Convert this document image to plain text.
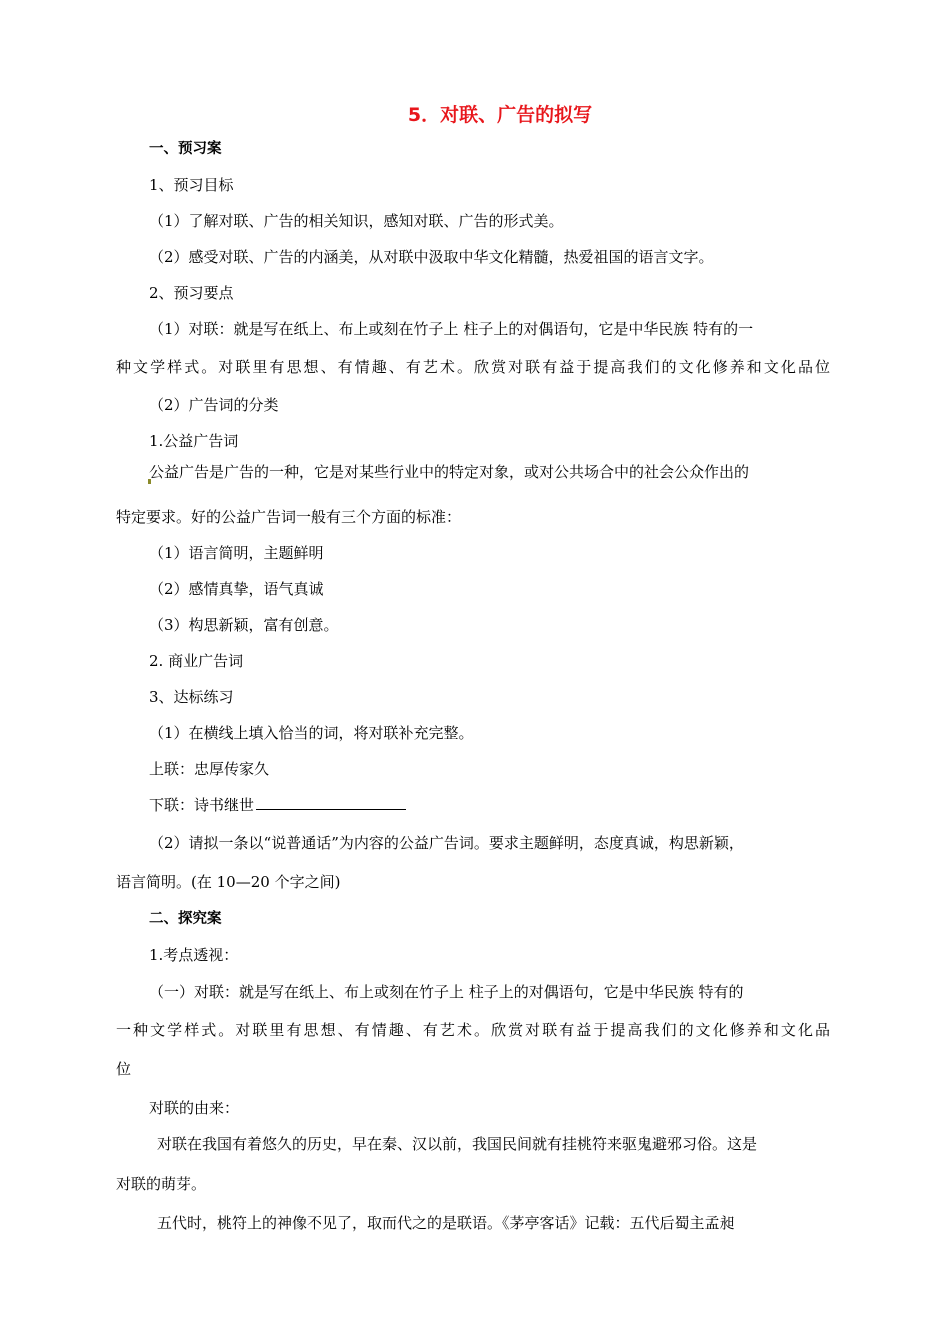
5．对联、广告的拟写

一、预习案

1、预习目标

（1）了解对联、广告的相关知识，感知对联、广告的形式美。

（2）感受对联、广告的内涵美，从对联中汲取中华文化精髓，热爱祖国的语言文字。

2、预习要点

（1）对联：就是写在纸上、布上或刻在竹子上 柱子上的对偶语句，它是中华民族 特有的一

种文学样式。对联里有思想、有情趣、有艺术。欣赏对联有益于提高我们的文化修养和文化品位

（2）广告词的分类

1.公益广告词

公益广告是广告的一种，它是对某些行业中的特定对象，或对公共场合中的社会公众作出的

特定要求。好的公益广告词一般有三个方面的标准：

（1）语言简明，主题鲜明

（2）感情真挚，语气真诚

（3）构思新颖，富有创意。

2. 商业广告词

3、达标练习

（1）在横线上填入恰当的词，将对联补充完整。

上联：忠厚传家久

下联：诗书继世

（2）请拟一条以“说普通话”为内容的公益广告词。要求主题鲜明，态度真诚，构思新颖，

语言简明。(在 10—20 个字之间)

二、探究案

1.考点透视：

（一）对联：就是写在纸上、布上或刻在竹子上 柱子上的对偶语句，它是中华民族 特有的

一种文学样式。对联里有思想、有情趣、有艺术。欣赏对联有益于提高我们的文化修养和文化品

位

对联的由来：

对联在我国有着悠久的历史，早在秦、汉以前，我国民间就有挂桃符来驱鬼避邪习俗。这是

对联的萌芽。

五代时，桃符上的神像不见了，取而代之的是联语。《茅亭客话》记载：五代后蜀主孟昶
